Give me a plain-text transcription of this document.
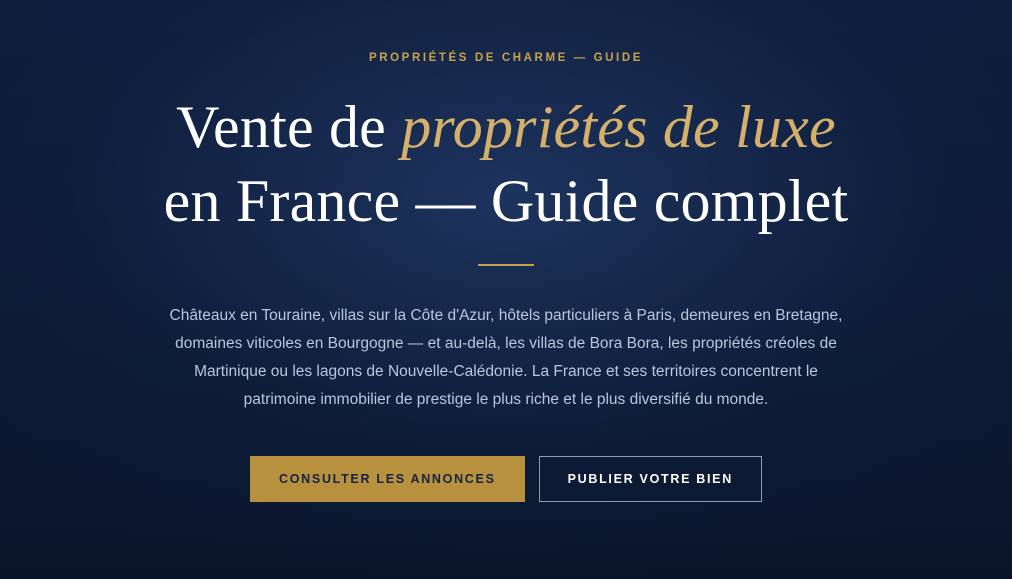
PROPRIÉTÉS DE CHARME — GUIDE
Vente de propriétés de luxe
en France — Guide complet

Châteaux en Touraine, villas sur la Côte d'Azur, hôtels particuliers à Paris, demeures en Bretagne, domaines viticoles en Bourgogne — et au-delà, les villas de Bora Bora, les propriétés créoles de Martinique ou les lagons de Nouvelle-Calédonie. La France et ses territoires concentrent le patrimoine immobilier de prestige le plus riche et le plus diversifié du monde.

CONSULTER LES ANNONCES	PUBLIER VOTRE BIEN
